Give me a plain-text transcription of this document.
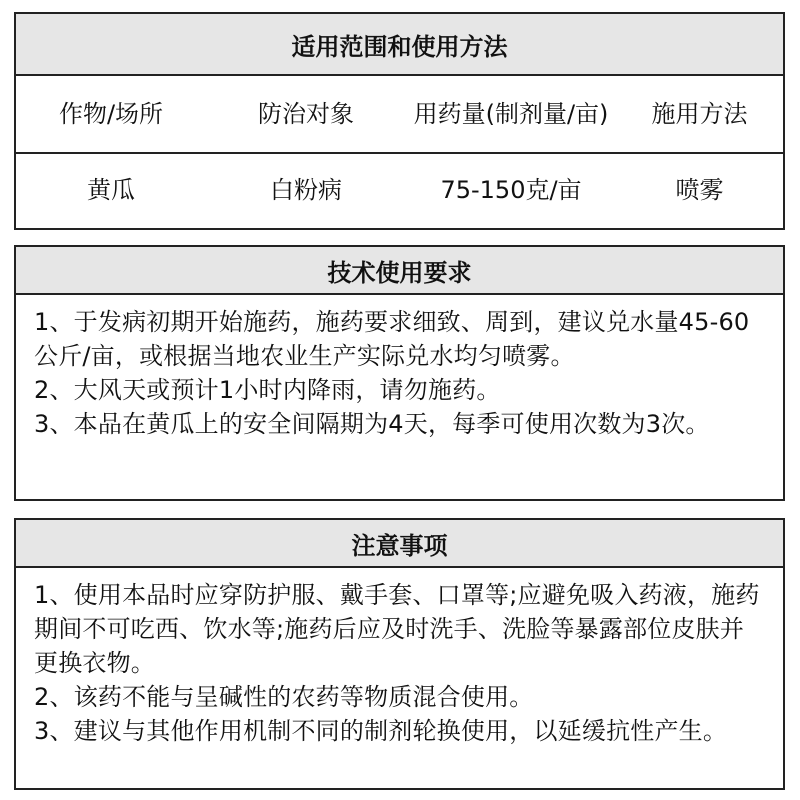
适用范围和使用方法
作物/场所	防治对象	用药量(制剂量/亩)	施用方法
黄瓜	白粉病	75-150克/亩	喷雾
技术使用要求

1、于发病初期开始施药，施药要求细致、周到，建议兑水量45-60公斤/亩，或根据当地农业生产实际兑水均匀喷雾。

2、大风天或预计1小时内降雨，请勿施药。

3、本品在黄瓜上的安全间隔期为4天，每季可使用次数为3次。

注意事项

1、使用本品时应穿防护服、戴手套、口罩等;应避免吸入药液，施药期间不可吃西、饮水等;施药后应及时洗手、洗脸等暴露部位皮肤并更换衣物。

2、该药不能与呈碱性的农药等物质混合使用。

3、建议与其他作用机制不同的制剂轮换使用，以延缓抗性产生。
